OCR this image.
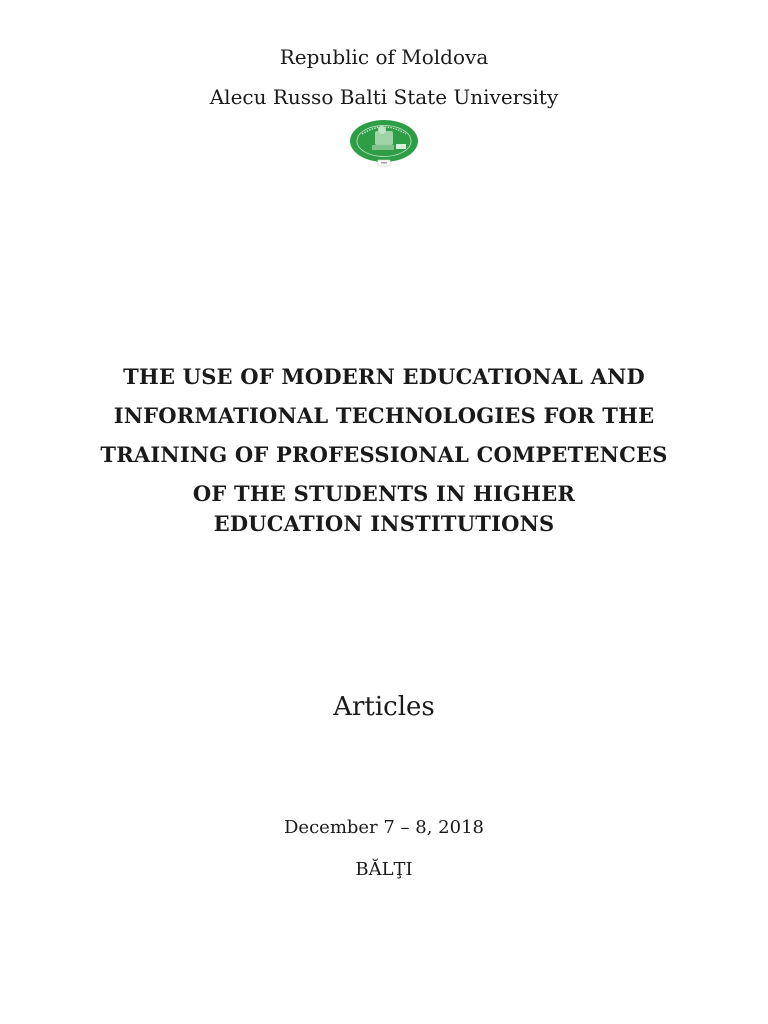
Republic of Moldova
Alecu Russo Balti State University
THE USE OF MODERN EDUCATIONAL AND
INFORMATIONAL TECHNOLOGIES FOR THE
TRAINING OF PROFESSIONAL COMPETENCES
OF THE STUDENTS IN HIGHER
EDUCATION INSTITUTIONS
Articles
December 7 – 8, 2018
BĂLŢI
